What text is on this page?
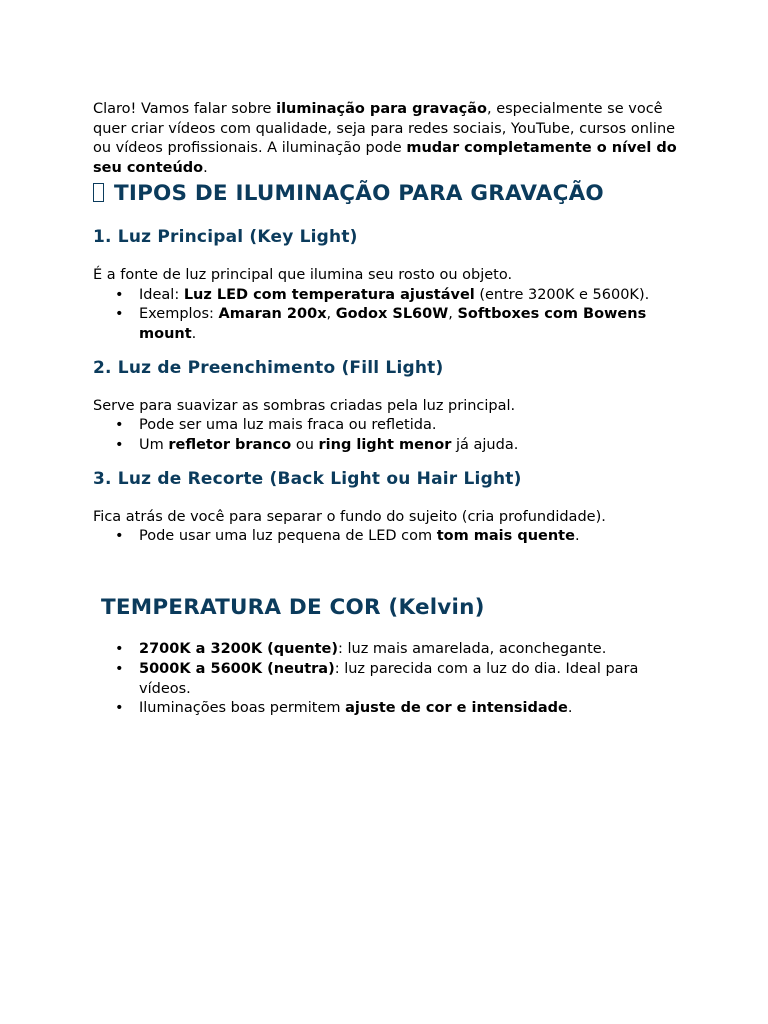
Claro! Vamos falar sobre iluminação para gravação, especialmente se você quer criar vídeos com qualidade, seja para redes sociais, YouTube, cursos online ou vídeos profissionais. A iluminação pode mudar completamente o nível do seu conteúdo.

TIPOS DE ILUMINAÇÃO PARA GRAVAÇÃO
1. Luz Principal (Key Light)

É a fonte de luz principal que ilumina seu rosto ou objeto.

• Ideal: Luz LED com temperatura ajustável (entre 3200K e 5600K).
• Exemplos: Amaran 200x, Godox SL60W, Softboxes com Bowens mount.
2. Luz de Preenchimento (Fill Light)

Serve para suavizar as sombras criadas pela luz principal.

• Pode ser uma luz mais fraca ou refletida.
• Um refletor branco ou ring light menor já ajuda.
3. Luz de Recorte (Back Light ou Hair Light)

Fica atrás de você para separar o fundo do sujeito (cria profundidade).

• Pode usar uma luz pequena de LED com tom mais quente.
TEMPERATURA DE COR (Kelvin)
• 2700K a 3200K (quente): luz mais amarelada, aconchegante.
• 5000K a 5600K (neutra): luz parecida com a luz do dia. Ideal para vídeos.
• Iluminações boas permitem ajuste de cor e intensidade.
